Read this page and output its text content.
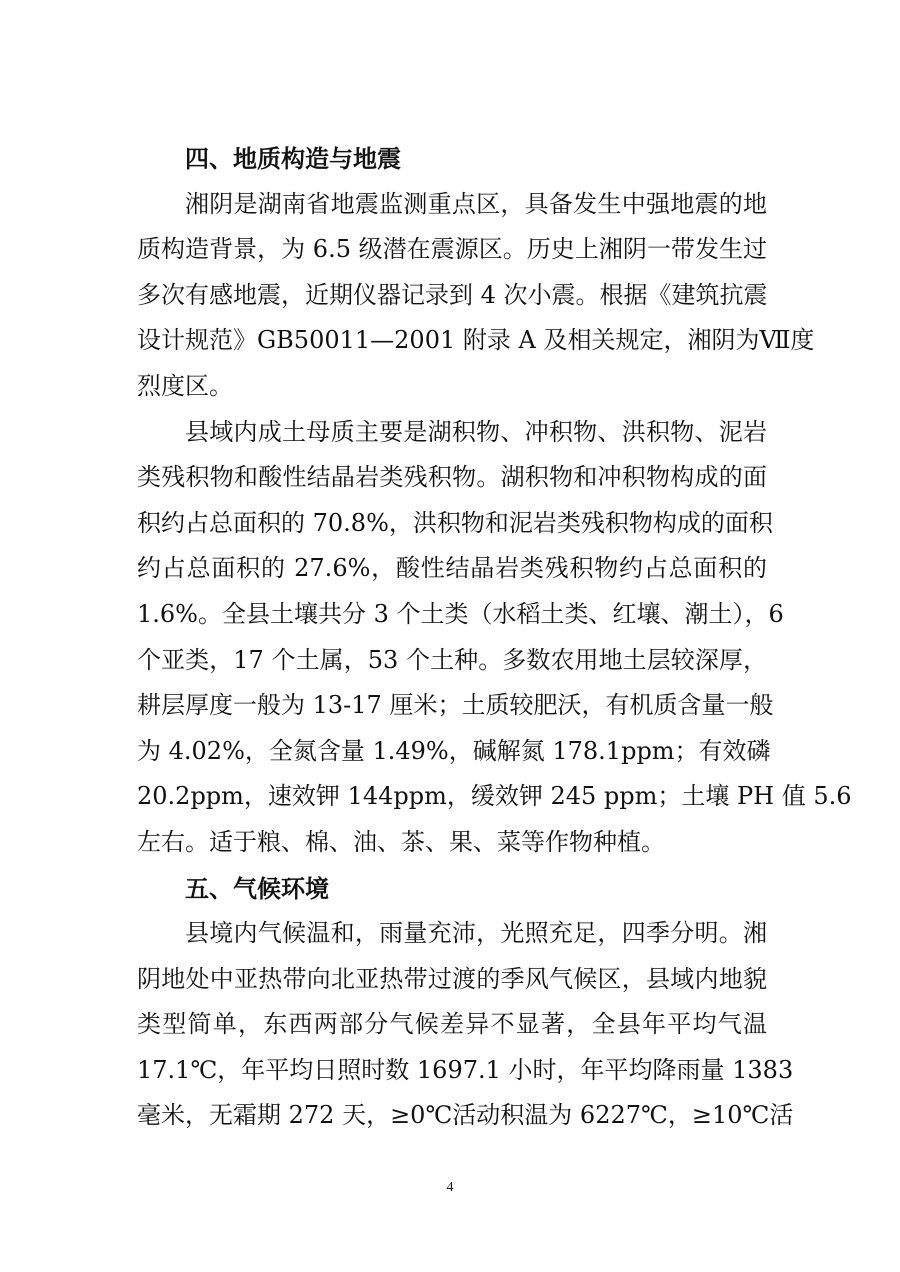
四、地质构造与地震
湘阴是湖南省地震监测重点区，具备发生中强地震的地
质构造背景，为 6.5 级潜在震源区。历史上湘阴一带发生过
多次有感地震，近期仪器记录到 4 次小震。根据《建筑抗震
设计规范》GB50011—2001 附录 A 及相关规定，湘阴为Ⅶ度
烈度区。
县域内成土母质主要是湖积物、冲积物、洪积物、泥岩
类残积物和酸性结晶岩类残积物。湖积物和冲积物构成的面
积约占总面积的 70.8%，洪积物和泥岩类残积物构成的面积
约占总面积的 27.6%，酸性结晶岩类残积物约占总面积的
1.6%。全县土壤共分 3 个土类（水稻土类、红壤、潮土），6
个亚类，17 个土属，53 个土种。多数农用地土层较深厚，
耕层厚度一般为 13-17 厘米；土质较肥沃，有机质含量一般
为 4.02%，全氮含量 1.49%，碱解氮 178.1ppm；有效磷
20.2ppm，速效钾 144ppm，缓效钾 245 ppm；土壤 PH 值 5.6
左右。适于粮、棉、油、茶、果、菜等作物种植。
五、气候环境
县境内气候温和，雨量充沛，光照充足，四季分明。湘
阴地处中亚热带向北亚热带过渡的季风气候区，县域内地貌
类型简单，东西两部分气候差异不显著，全县年平均气温
17.1℃，年平均日照时数 1697.1 小时，年平均降雨量 1383
毫米，无霜期 272 天，≥0℃活动积温为 6227℃，≥10℃活
4
